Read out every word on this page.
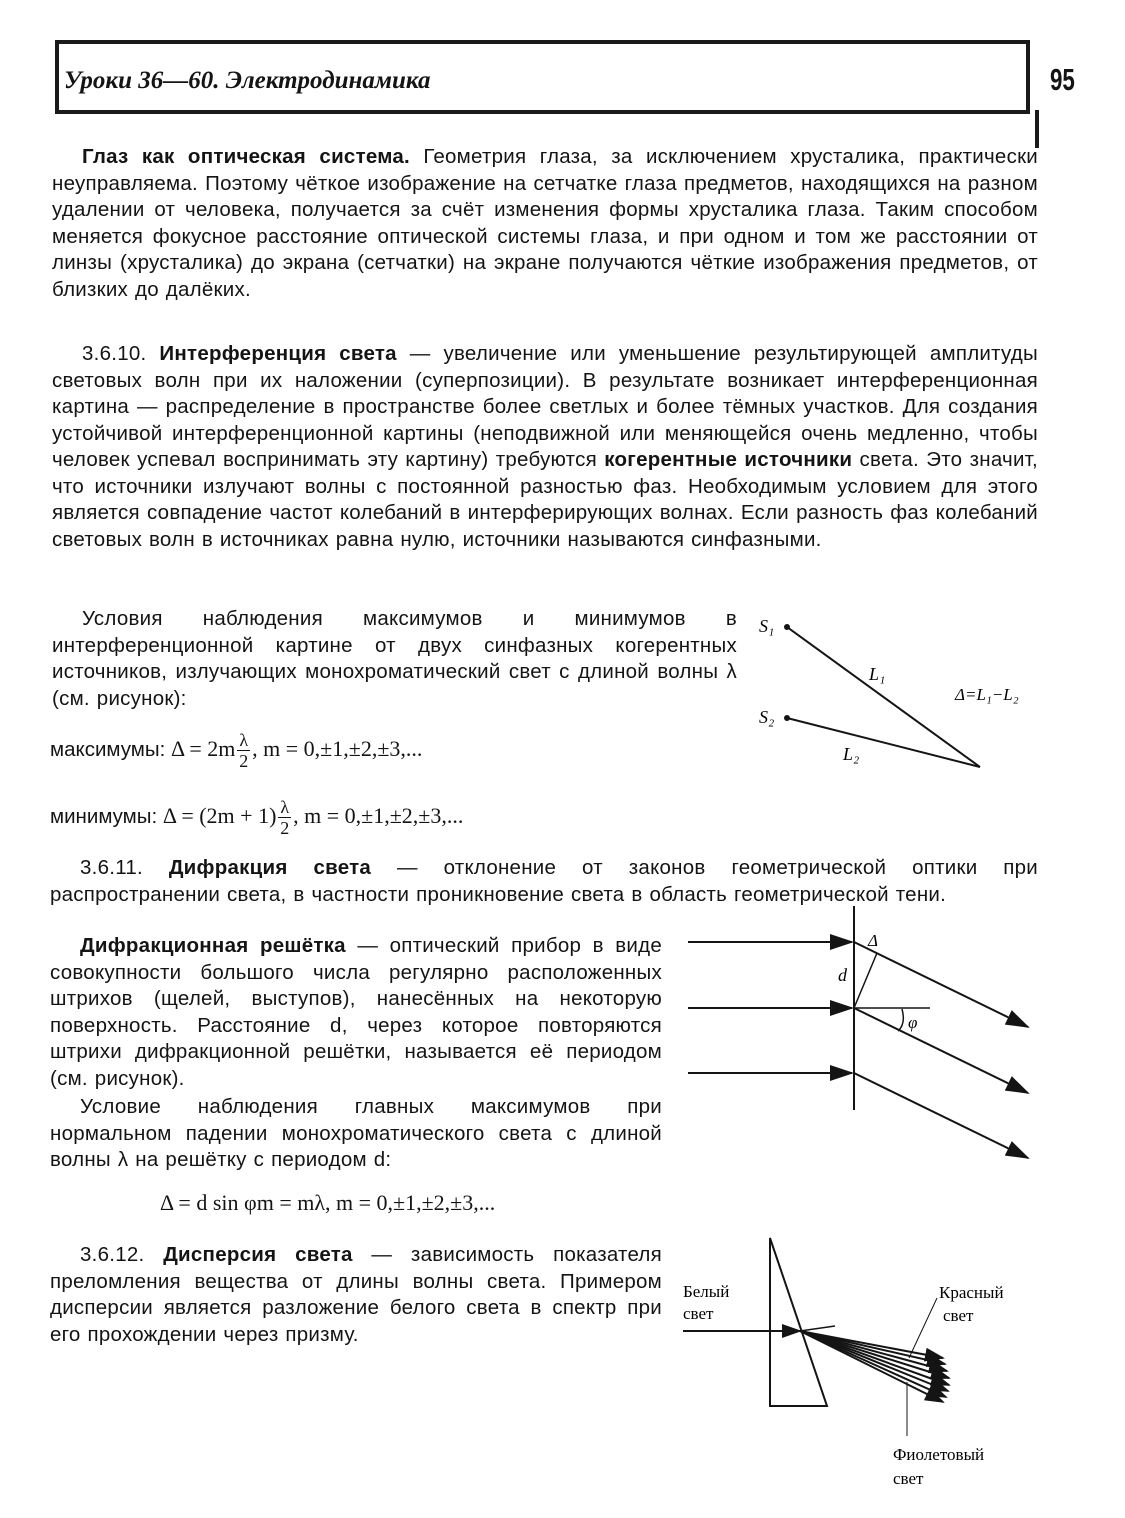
Уроки 36—60. Электродинамика	95

Глаз как оптическая система. Геометрия глаза, за исключением хрусталика, практически неуправляема. Поэтому чёткое изображение на сетчатке глаза предметов, находящихся на разном удалении от человека, получается за счёт изменения формы хрусталика глаза. Таким способом меняется фокусное расстояние оптической системы глаза, и при одном и том же расстоянии от линзы (хрусталика) до экрана (сетчатки) на экране получаются чёткие изображения предметов, от близких до далёких.

3.6.10. Интерференция света — увеличение или уменьшение результирующей амплитуды световых волн при их наложении (суперпозиции). В результате возникает интерференционная картина — распределение в пространстве более светлых и более тёмных участков. Для создания устойчивой интерференционной картины (неподвижной или меняющейся очень медленно, чтобы человек успевал воспринимать эту картину) требуются когерентные источники света. Это значит, что источники излучают волны с постоянной разностью фаз. Необходимым условием для этого является совпадение частот колебаний в интерферирующих волнах. Если разность фаз колебаний световых волн в источниках равна нулю, источники называются синфазными.

Условия наблюдения максимумов и минимумов в интерференционной картине от двух синфазных когерентных источников, излучающих монохроматический свет с длиной волны λ (см. рисунок):

максимумы: $\Delta = 2m \frac{\lambda}{2}$ , m = 0,±1,±2,±3,...
минимумы: $\Delta = (2m + 1) \frac{\lambda}{2}$ , m = 0,±1,±2,±3,...
S₁
S₂
L₁
L₂
Δ=L₁−L₂

3.6.11. Дифракция света — отклонение от законов геометрической оптики при распространении света, в частности проникновение света в область геометрической тени.

Дифракционная решётка — оптический прибор в виде совокупности большого числа регулярно расположенных штрихов (щелей, выступов), нанесённых на некоторую поверхность. Расстояние d, через которое повторяются штрихи дифракционной решётки, называется её периодом (см. рисунок).

Условие наблюдения главных максимумов при нормальном падении монохроматического света с длиной волны λ на решётку с периодом d:

Δ = d sin φm = mλ, m = 0,±1,±2,±3,...
Δ
d
φ

3.6.12. Дисперсия света — зависимость показателя преломления вещества от длины волны света. Примером дисперсии является разложение белого света в спектр при его прохождении через призму.

Белый
свет
Красный
свет
Фиолетовый
свет
